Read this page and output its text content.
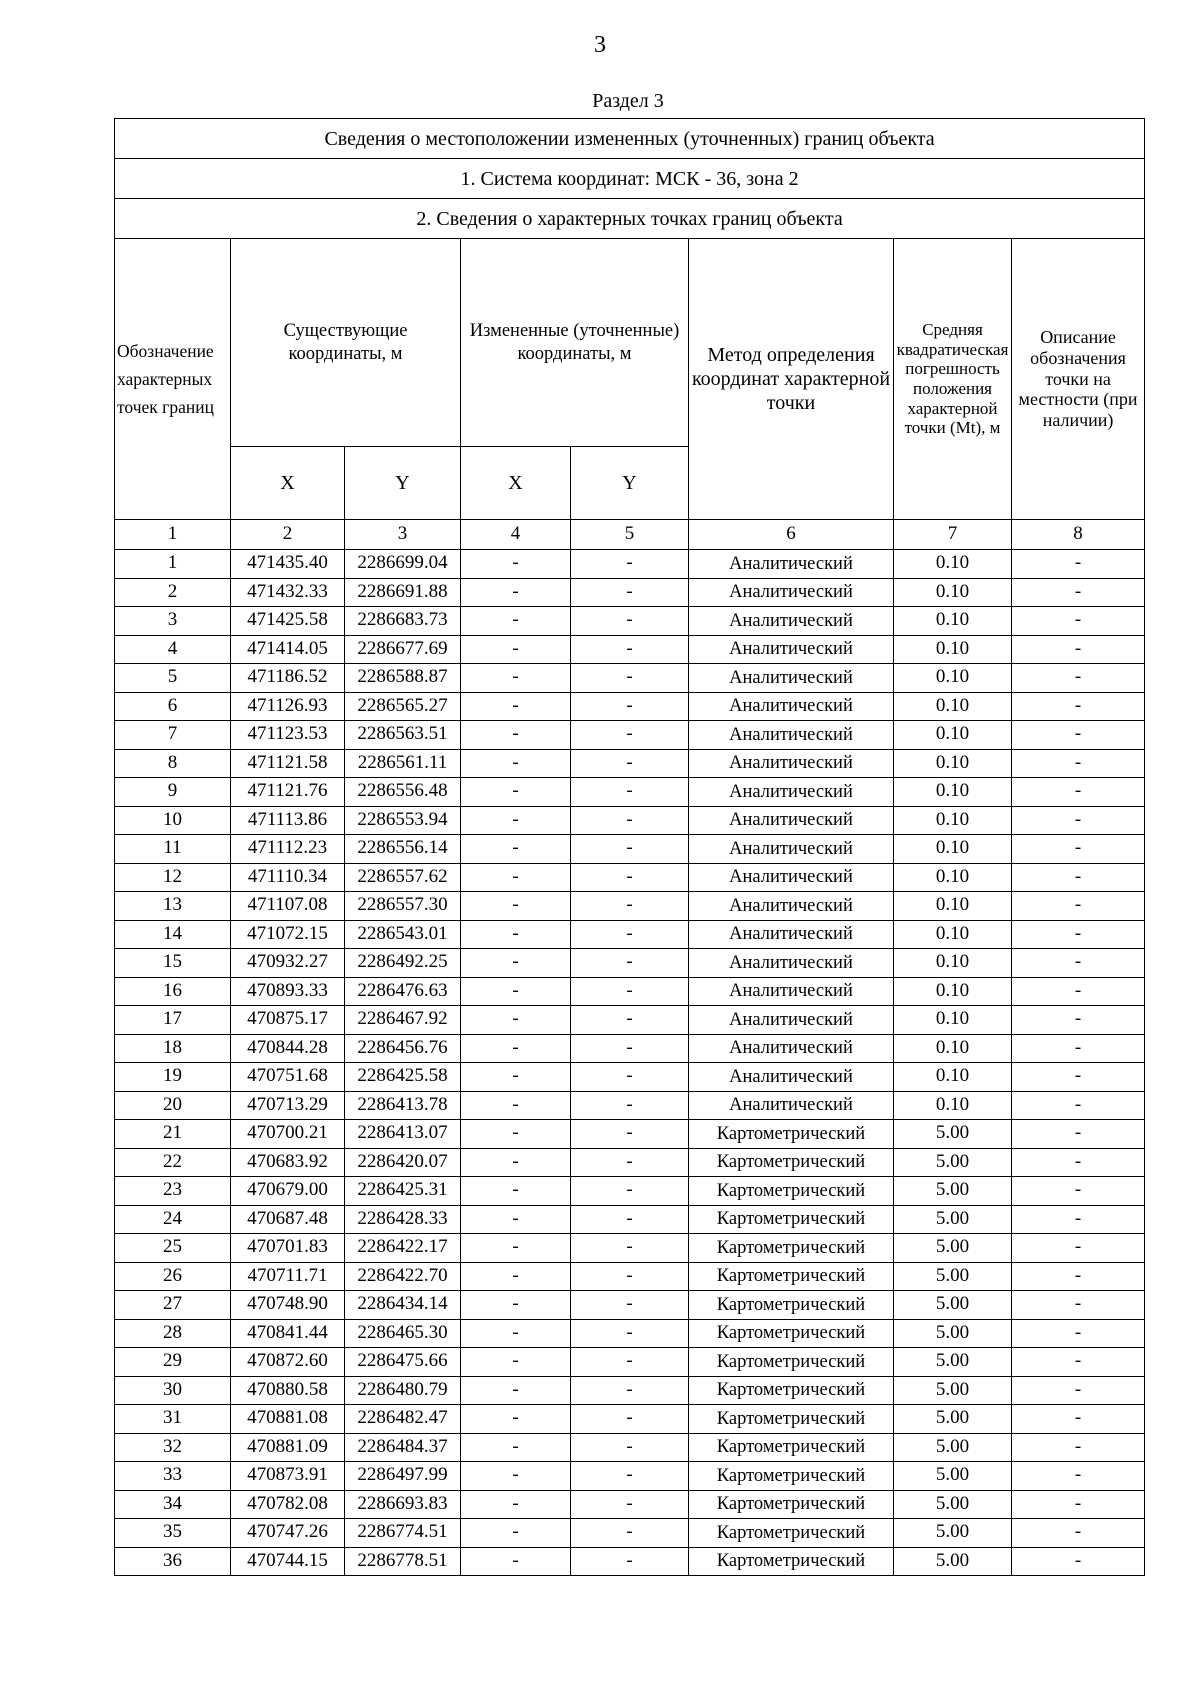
3
Раздел 3
Сведения о местоположении измененных (уточненных) границ объекта							
1. Система координат: МСК - 36, зона 2							
2. Сведения о характерных точках границ объекта							
Обозначение характерных точек границ	Существующие координаты, м		Измененные (уточненные) координаты, м		Метод определения координат характерной точки	Средняя квадратическая погрешность положения характерной точки (Mt), м	Описание обозначения точки на местности (при наличии)
	X	Y	X	Y			
1	2	3	4	5	6	7	8
1	471435.40	2286699.04	-	-	Аналитический	0.10	-
2	471432.33	2286691.88	-	-	Аналитический	0.10	-
3	471425.58	2286683.73	-	-	Аналитический	0.10	-
4	471414.05	2286677.69	-	-	Аналитический	0.10	-
5	471186.52	2286588.87	-	-	Аналитический	0.10	-
6	471126.93	2286565.27	-	-	Аналитический	0.10	-
7	471123.53	2286563.51	-	-	Аналитический	0.10	-
8	471121.58	2286561.11	-	-	Аналитический	0.10	-
9	471121.76	2286556.48	-	-	Аналитический	0.10	-
10	471113.86	2286553.94	-	-	Аналитический	0.10	-
11	471112.23	2286556.14	-	-	Аналитический	0.10	-
12	471110.34	2286557.62	-	-	Аналитический	0.10	-
13	471107.08	2286557.30	-	-	Аналитический	0.10	-
14	471072.15	2286543.01	-	-	Аналитический	0.10	-
15	470932.27	2286492.25	-	-	Аналитический	0.10	-
16	470893.33	2286476.63	-	-	Аналитический	0.10	-
17	470875.17	2286467.92	-	-	Аналитический	0.10	-
18	470844.28	2286456.76	-	-	Аналитический	0.10	-
19	470751.68	2286425.58	-	-	Аналитический	0.10	-
20	470713.29	2286413.78	-	-	Аналитический	0.10	-
21	470700.21	2286413.07	-	-	Картометрический	5.00	-
22	470683.92	2286420.07	-	-	Картометрический	5.00	-
23	470679.00	2286425.31	-	-	Картометрический	5.00	-
24	470687.48	2286428.33	-	-	Картометрический	5.00	-
25	470701.83	2286422.17	-	-	Картометрический	5.00	-
26	470711.71	2286422.70	-	-	Картометрический	5.00	-
27	470748.90	2286434.14	-	-	Картометрический	5.00	-
28	470841.44	2286465.30	-	-	Картометрический	5.00	-
29	470872.60	2286475.66	-	-	Картометрический	5.00	-
30	470880.58	2286480.79	-	-	Картометрический	5.00	-
31	470881.08	2286482.47	-	-	Картометрический	5.00	-
32	470881.09	2286484.37	-	-	Картометрический	5.00	-
33	470873.91	2286497.99	-	-	Картометрический	5.00	-
34	470782.08	2286693.83	-	-	Картометрический	5.00	-
35	470747.26	2286774.51	-	-	Картометрический	5.00	-
36	470744.15	2286778.51	-	-	Картометрический	5.00	-
